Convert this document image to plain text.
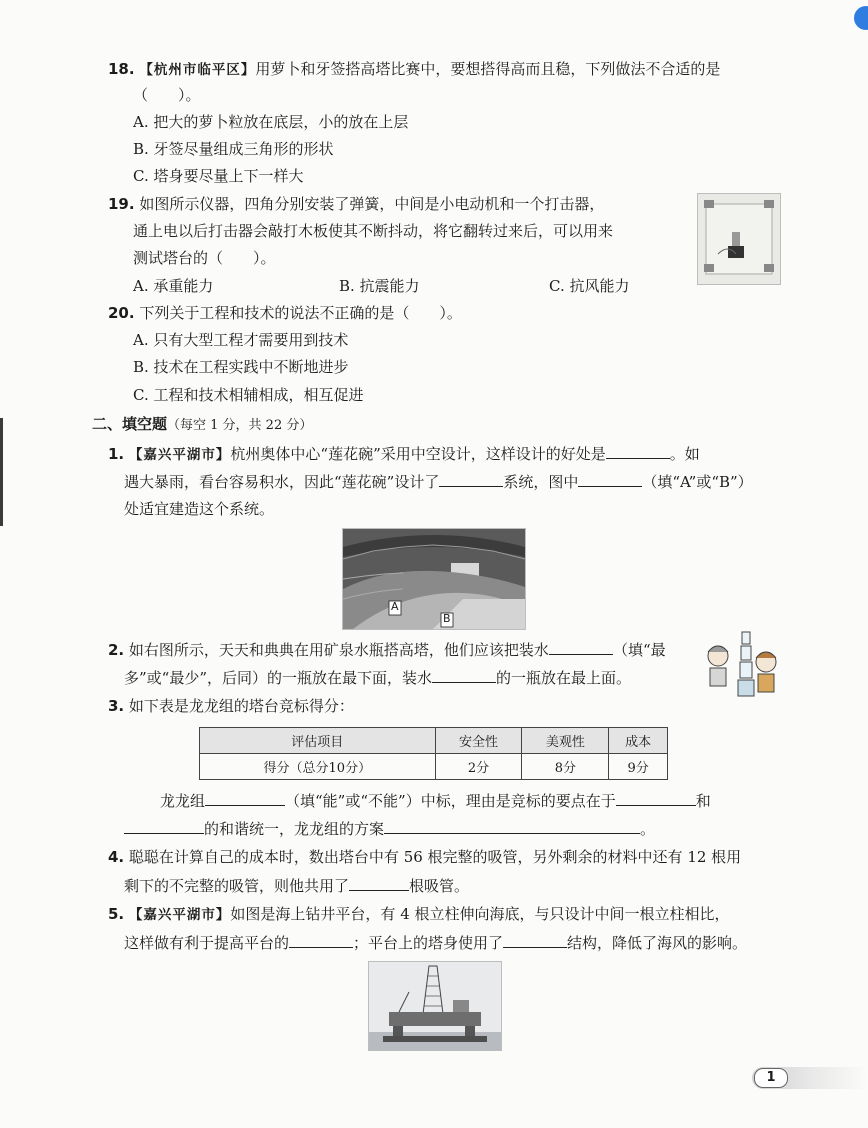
18. 【杭州市临平区】用萝卜和牙签搭高塔比赛中，要想搭得高而且稳，下列做法不合适的是
（　　）。
A. 把大的萝卜粒放在底层，小的放在上层
B. 牙签尽量组成三角形的形状
C. 塔身要尽量上下一样大
19. 如图所示仪器，四角分别安装了弹簧，中间是小电动机和一个打击器，
通上电以后打击器会敲打木板使其不断抖动，将它翻转过来后，可以用来
测试塔台的（　　）。
A. 承重能力	B. 抗震能力	C. 抗风能力
20. 下列关于工程和技术的说法不正确的是（　　）。
A. 只有大型工程才需要用到技术
B. 技术在工程实践中不断地进步
C. 工程和技术相辅相成，相互促进
二、填空题（每空 1 分，共 22 分）
1. 【嘉兴平湖市】杭州奥体中心“莲花碗”采用中空设计，这样设计的好处是	。如
遇大暴雨，看台容易积水，因此“莲花碗”设计了	系统，图中	（填“A”或“B”）
处适宜建造这个系统。
A
B
2. 如右图所示，天天和典典在用矿泉水瓶搭高塔，他们应该把装水	（填“最
多”或“最少”，后同）的一瓶放在最下面，装水	的一瓶放在最上面。
3. 如下表是龙龙组的塔台竞标得分：
评估项目	安全性	美观性	成本
得分（总分10分）	2分	8分	9分
龙龙组	（填“能”或“不能”）中标，理由是竞标的要点在于	和
的和谐统一，龙龙组的方案	。
4. 聪聪在计算自己的成本时，数出塔台中有 56 根完整的吸管，另外剩余的材料中还有 12 根用
剩下的不完整的吸管，则他共用了	根吸管。
5. 【嘉兴平湖市】如图是海上钻井平台，有 4 根立柱伸向海底，与只设计中间一根立柱相比，
这样做有利于提高平台的	；平台上的塔身使用了	结构，降低了海风的影响。
1
